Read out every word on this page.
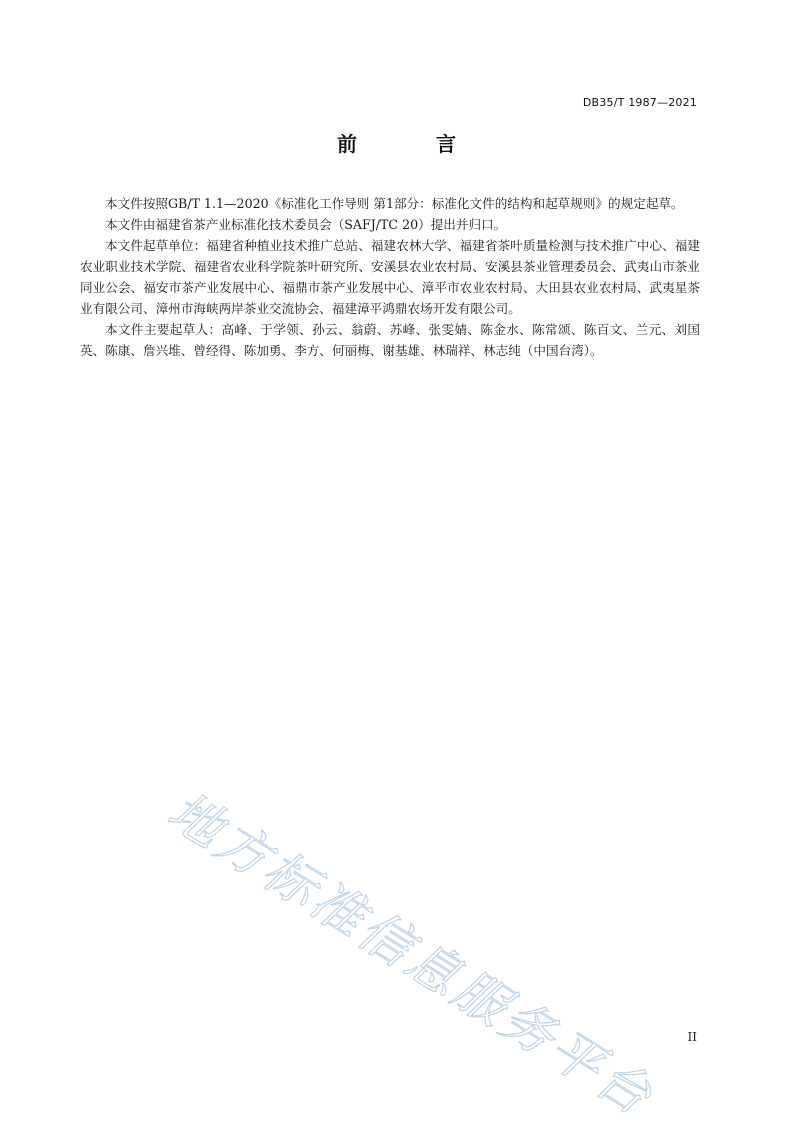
DB35/T 1987—2021
前 言

本文件按照GB/T 1.1—2020《标准化工作导则 第1部分：标准化文件的结构和起草规则》的规定起草。

本文件由福建省茶产业标准化技术委员会（SAFJ/TC 20）提出并归口。

本文件起草单位：福建省种植业技术推广总站、福建农林大学、福建省茶叶质量检测与技术推广中心、福建农业职业技术学院、福建省农业科学院茶叶研究所、安溪县农业农村局、安溪县茶业管理委员会、武夷山市茶业同业公会、福安市茶产业发展中心、福鼎市茶产业发展中心、漳平市农业农村局、大田县农业农村局、武夷星茶业有限公司、漳州市海峡两岸茶业交流协会、福建漳平鸿鼎农场开发有限公司。

本文件主要起草人：高峰、于学领、孙云、翁蔚、苏峰、张雯婧、陈金水、陈常颂、陈百文、兰元、刘国英、陈康、詹兴堆、曾经得、陈加勇、李方、何丽梅、谢基雄、林瑞祥、林志纯（中国台湾）。

地方标准信息服务平台	II
